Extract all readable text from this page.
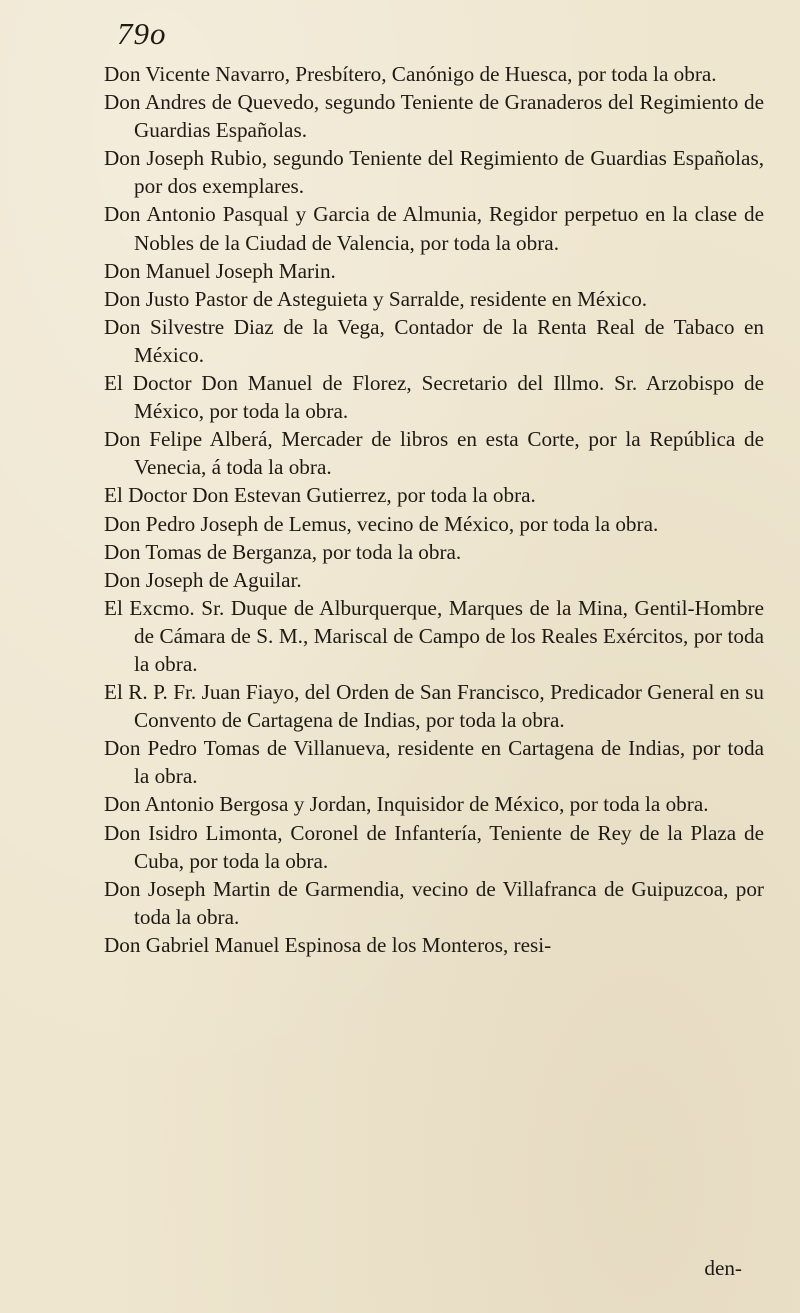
79o
Don Vicente Navarro, Presbítero, Canónigo de Huesca, por toda la obra.
Don Andres de Quevedo, segundo Teniente de Granaderos del Regimiento de Guardias Españolas.
Don Joseph Rubio, segundo Teniente del Regimiento de Guardias Españolas, por dos exemplares.
Don Antonio Pasqual y Garcia de Almunia, Regidor perpetuo en la clase de Nobles de la Ciudad de Valencia, por toda la obra.
Don Manuel Joseph Marin.
Don Justo Pastor de Asteguieta y Sarralde, residente en México.
Don Silvestre Diaz de la Vega, Contador de la Renta Real de Tabaco en México.
El Doctor Don Manuel de Florez, Secretario del Illmo. Sr. Arzobispo de México, por toda la obra.
Don Felipe Alberá, Mercader de libros en esta Corte, por la República de Venecia, á toda la obra.
El Doctor Don Estevan Gutierrez, por toda la obra.
Don Pedro Joseph de Lemus, vecino de México, por toda la obra.
Don Tomas de Berganza, por toda la obra.
Don Joseph de Aguilar.
El Excmo. Sr. Duque de Alburquerque, Marques de la Mina, Gentil-Hombre de Cámara de S. M., Mariscal de Campo de los Reales Exércitos, por toda la obra.
El R. P. Fr. Juan Fiayo, del Orden de San Francisco, Predicador General en su Convento de Cartagena de Indias, por toda la obra.
Don Pedro Tomas de Villanueva, residente en Cartagena de Indias, por toda la obra.
Don Antonio Bergosa y Jordan, Inquisidor de México, por toda la obra.
Don Isidro Limonta, Coronel de Infantería, Teniente de Rey de la Plaza de Cuba, por toda la obra.
Don Joseph Martin de Garmendia, vecino de Villafranca de Guipuzcoa, por toda la obra.
Don Gabriel Manuel Espinosa de los Monteros, resi-
den-
